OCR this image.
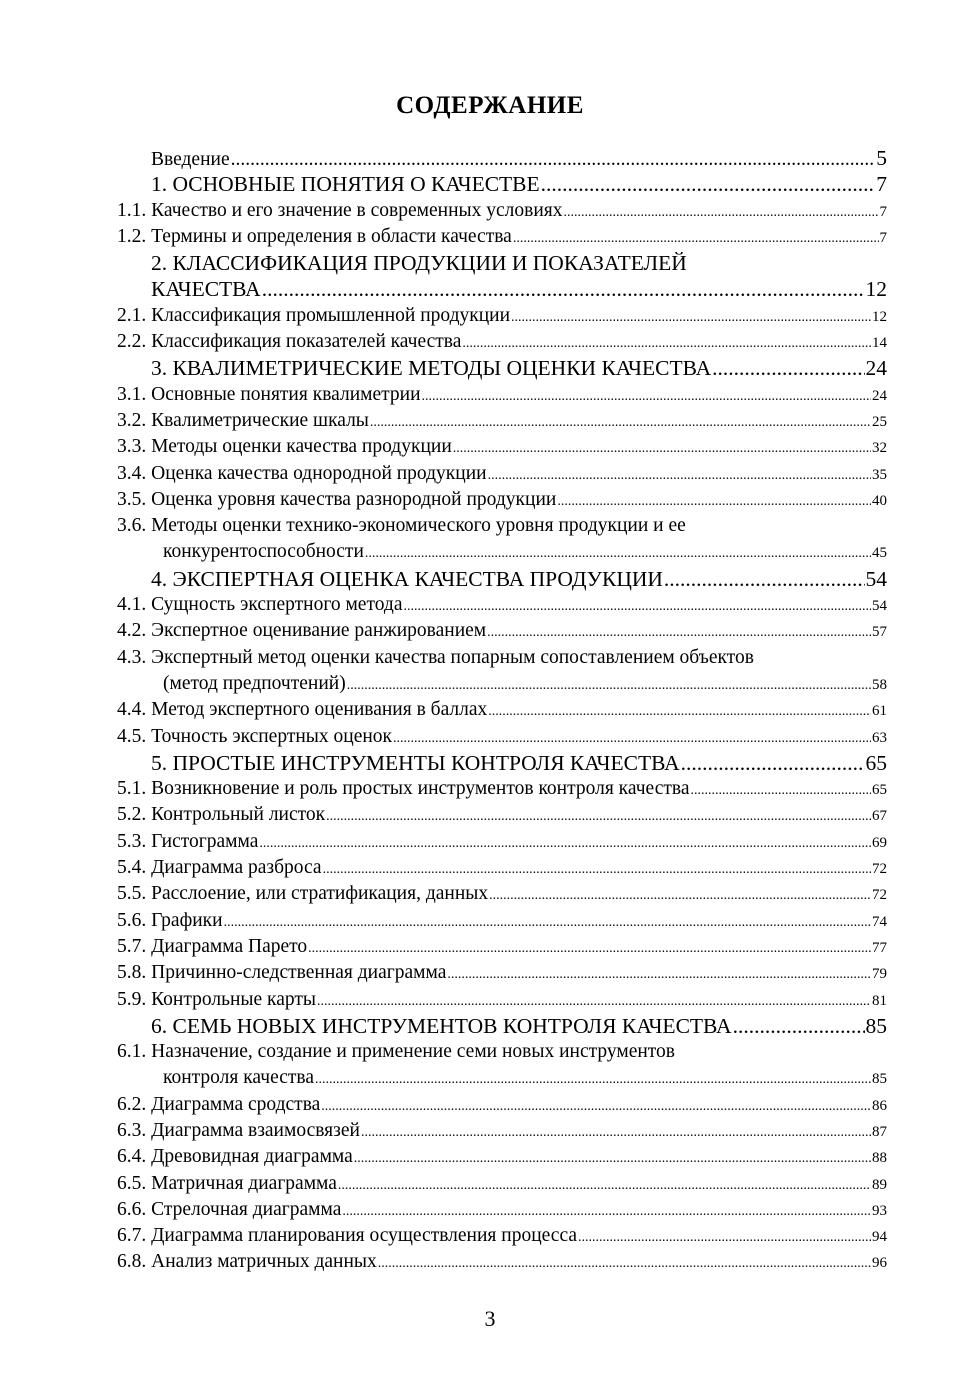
СОДЕРЖАНИЕ
Введение .....	5
1. ОСНОВНЫЕ ПОНЯТИЯ О КАЧЕСТВЕ .....	7
1.1. Качество и его значение в современных условиях .....	7
1.2. Термины и определения в области качества .....	7
2. КЛАССИФИКАЦИЯ ПРОДУКЦИИ И ПОКАЗАТЕЛЕЙ
КАЧЕСТВА .....	12
2.1. Классификация промышленной продукции .....	12
2.2. Классификация показателей качества .....	14
3. КВАЛИМЕТРИЧЕСКИЕ МЕТОДЫ ОЦЕНКИ КАЧЕСТВА .....	24
3.1. Основные понятия квалиметрии .....	24
3.2. Квалиметрические шкалы .....	25
3.3. Методы оценки качества продукции .....	32
3.4. Оценка качества однородной продукции .....	35
3.5. Оценка уровня качества разнородной продукции .....	40
3.6. Методы оценки технико-экономического уровня продукции и ее
конкурентоспособности .....	45
4. ЭКСПЕРТНАЯ ОЦЕНКА КАЧЕСТВА ПРОДУКЦИИ .....	54
4.1. Сущность экспертного метода .....	54
4.2. Экспертное оценивание ранжированием .....	57
4.3. Экспертный метод оценки качества попарным сопоставлением объектов
(метод предпочтений) .....	58
4.4. Метод экспертного оценивания в баллах .....	61
4.5. Точность экспертных оценок .....	63
5. ПРОСТЫЕ ИНСТРУМЕНТЫ КОНТРОЛЯ КАЧЕСТВА .....	65
5.1. Возникновение и роль простых инструментов контроля качества .....	65
5.2. Контрольный листок .....	67
5.3. Гистограмма .....	69
5.4. Диаграмма разброса .....	72
5.5. Расслоение, или стратификация, данных .....	72
5.6. Графики .....	74
5.7. Диаграмма Парето .....	77
5.8. Причинно-следственная диаграмма .....	79
5.9. Контрольные карты .....	81
6. СЕМЬ НОВЫХ ИНСТРУМЕНТОВ КОНТРОЛЯ КАЧЕСТВА .....	85
6.1. Назначение, создание и применение семи новых инструментов
контроля качества .....	85
6.2. Диаграмма сродства .....	86
6.3. Диаграмма взаимосвязей .....	87
6.4. Древовидная диаграмма .....	88
6.5. Матричная диаграмма .....	89
6.6. Стрелочная диаграмма .....	93
6.7. Диаграмма планирования осуществления процесса .....	94
6.8. Анализ матричных данных .....	96
3
